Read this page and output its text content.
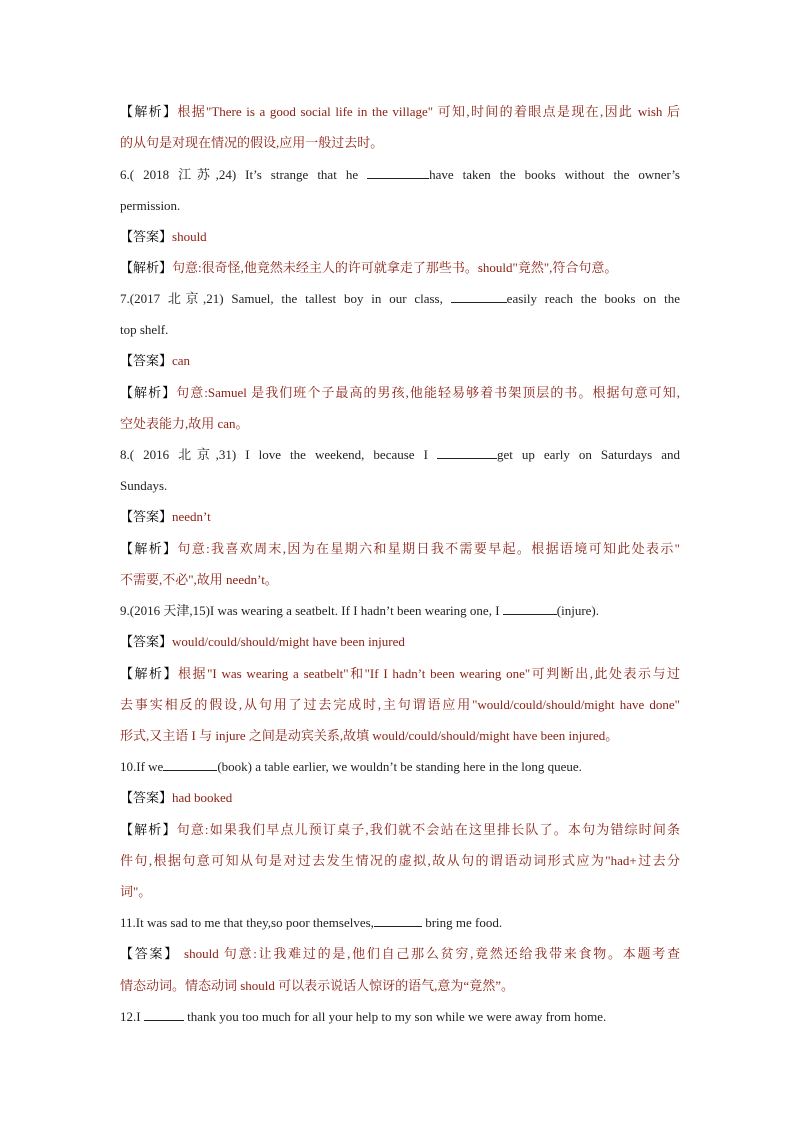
【解析】根据"There is a good social life in the village" 可知,时间的着眼点是现在,因此 wish 后
的从句是对现在情况的假设,应用一般过去时。
6.( 2018 江苏,24) It’s strange that he	have taken the books without the owner’s
permission.
【答案】should
【解析】句意:很奇怪,他竟然未经主人的许可就拿走了那些书。should"竟然",符合句意。
7.(2017 北京,21) Samuel, the tallest boy in our class,	easily reach the books on the
top shelf.
【答案】can
【解析】句意:Samuel 是我们班个子最高的男孩,他能轻易够着书架顶层的书。根据句意可知,
空处表能力,故用 can。
8.( 2016 北京,31) I love the weekend, because I	get up early on Saturdays and
Sundays.
【答案】needn’t
【解析】句意:我喜欢周末,因为在星期六和星期日我不需要早起。根据语境可知此处表示"
不需要,不必",故用 needn’t。
9.(2016 天津,15)I was wearing a seatbelt. If I hadn’t been wearing one, I	(injure).
【答案】would/could/should/might have been injured
【解析】根据"I was wearing a seatbelt"和"If I hadn’t been wearing one"可判断出,此处表示与过
去事实相反的假设,从句用了过去完成时,主句谓语应用"would/could/should/might have done"
形式,又主语 I 与 injure 之间是动宾关系,故填 would/could/should/might have been injured。
10.If we	(book) a table earlier, we wouldn’t be standing here in the long queue.
【答案】had booked
【解析】句意:如果我们早点儿预订桌子,我们就不会站在这里排长队了。本句为错综时间条
件句,根据句意可知从句是对过去发生情况的虚拟,故从句的谓语动词形式应为"had+过去分
词"。
11.It was sad to me that they,so poor themselves,	bring me food.
【答案】 should 句意:让我难过的是,他们自己那么贫穷,竟然还给我带来食物。本题考查
情态动词。情态动词 should 可以表示说话人惊讶的语气,意为“竟然”。
12.I	thank you too much for all your help to my son while we were away from home.
